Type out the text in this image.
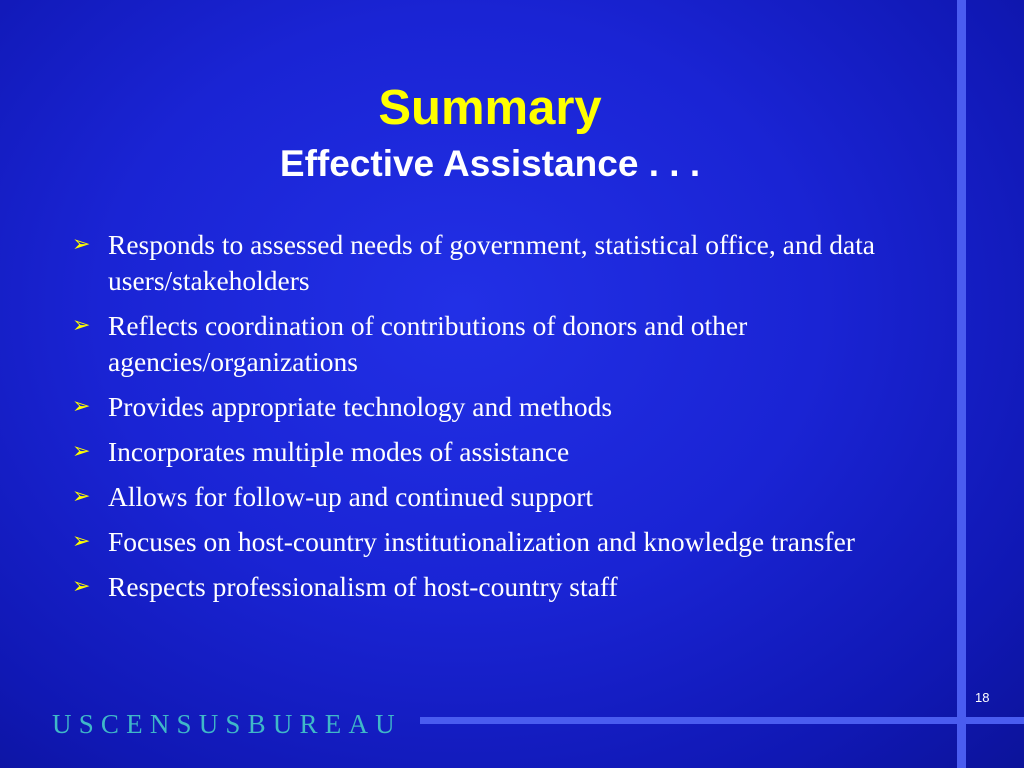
Summary
Effective Assistance . . .
➢ Responds to assessed needs of government, statistical office, and data users/stakeholders
➢ Reflects coordination of contributions of donors and other agencies/organizations
➢ Provides appropriate technology and methods
➢ Incorporates multiple modes of assistance
➢ Allows for follow-up and continued support
➢ Focuses on host-country institutionalization and knowledge transfer
➢ Respects professionalism of host-country staff
USCENSUSBUREAU
18
